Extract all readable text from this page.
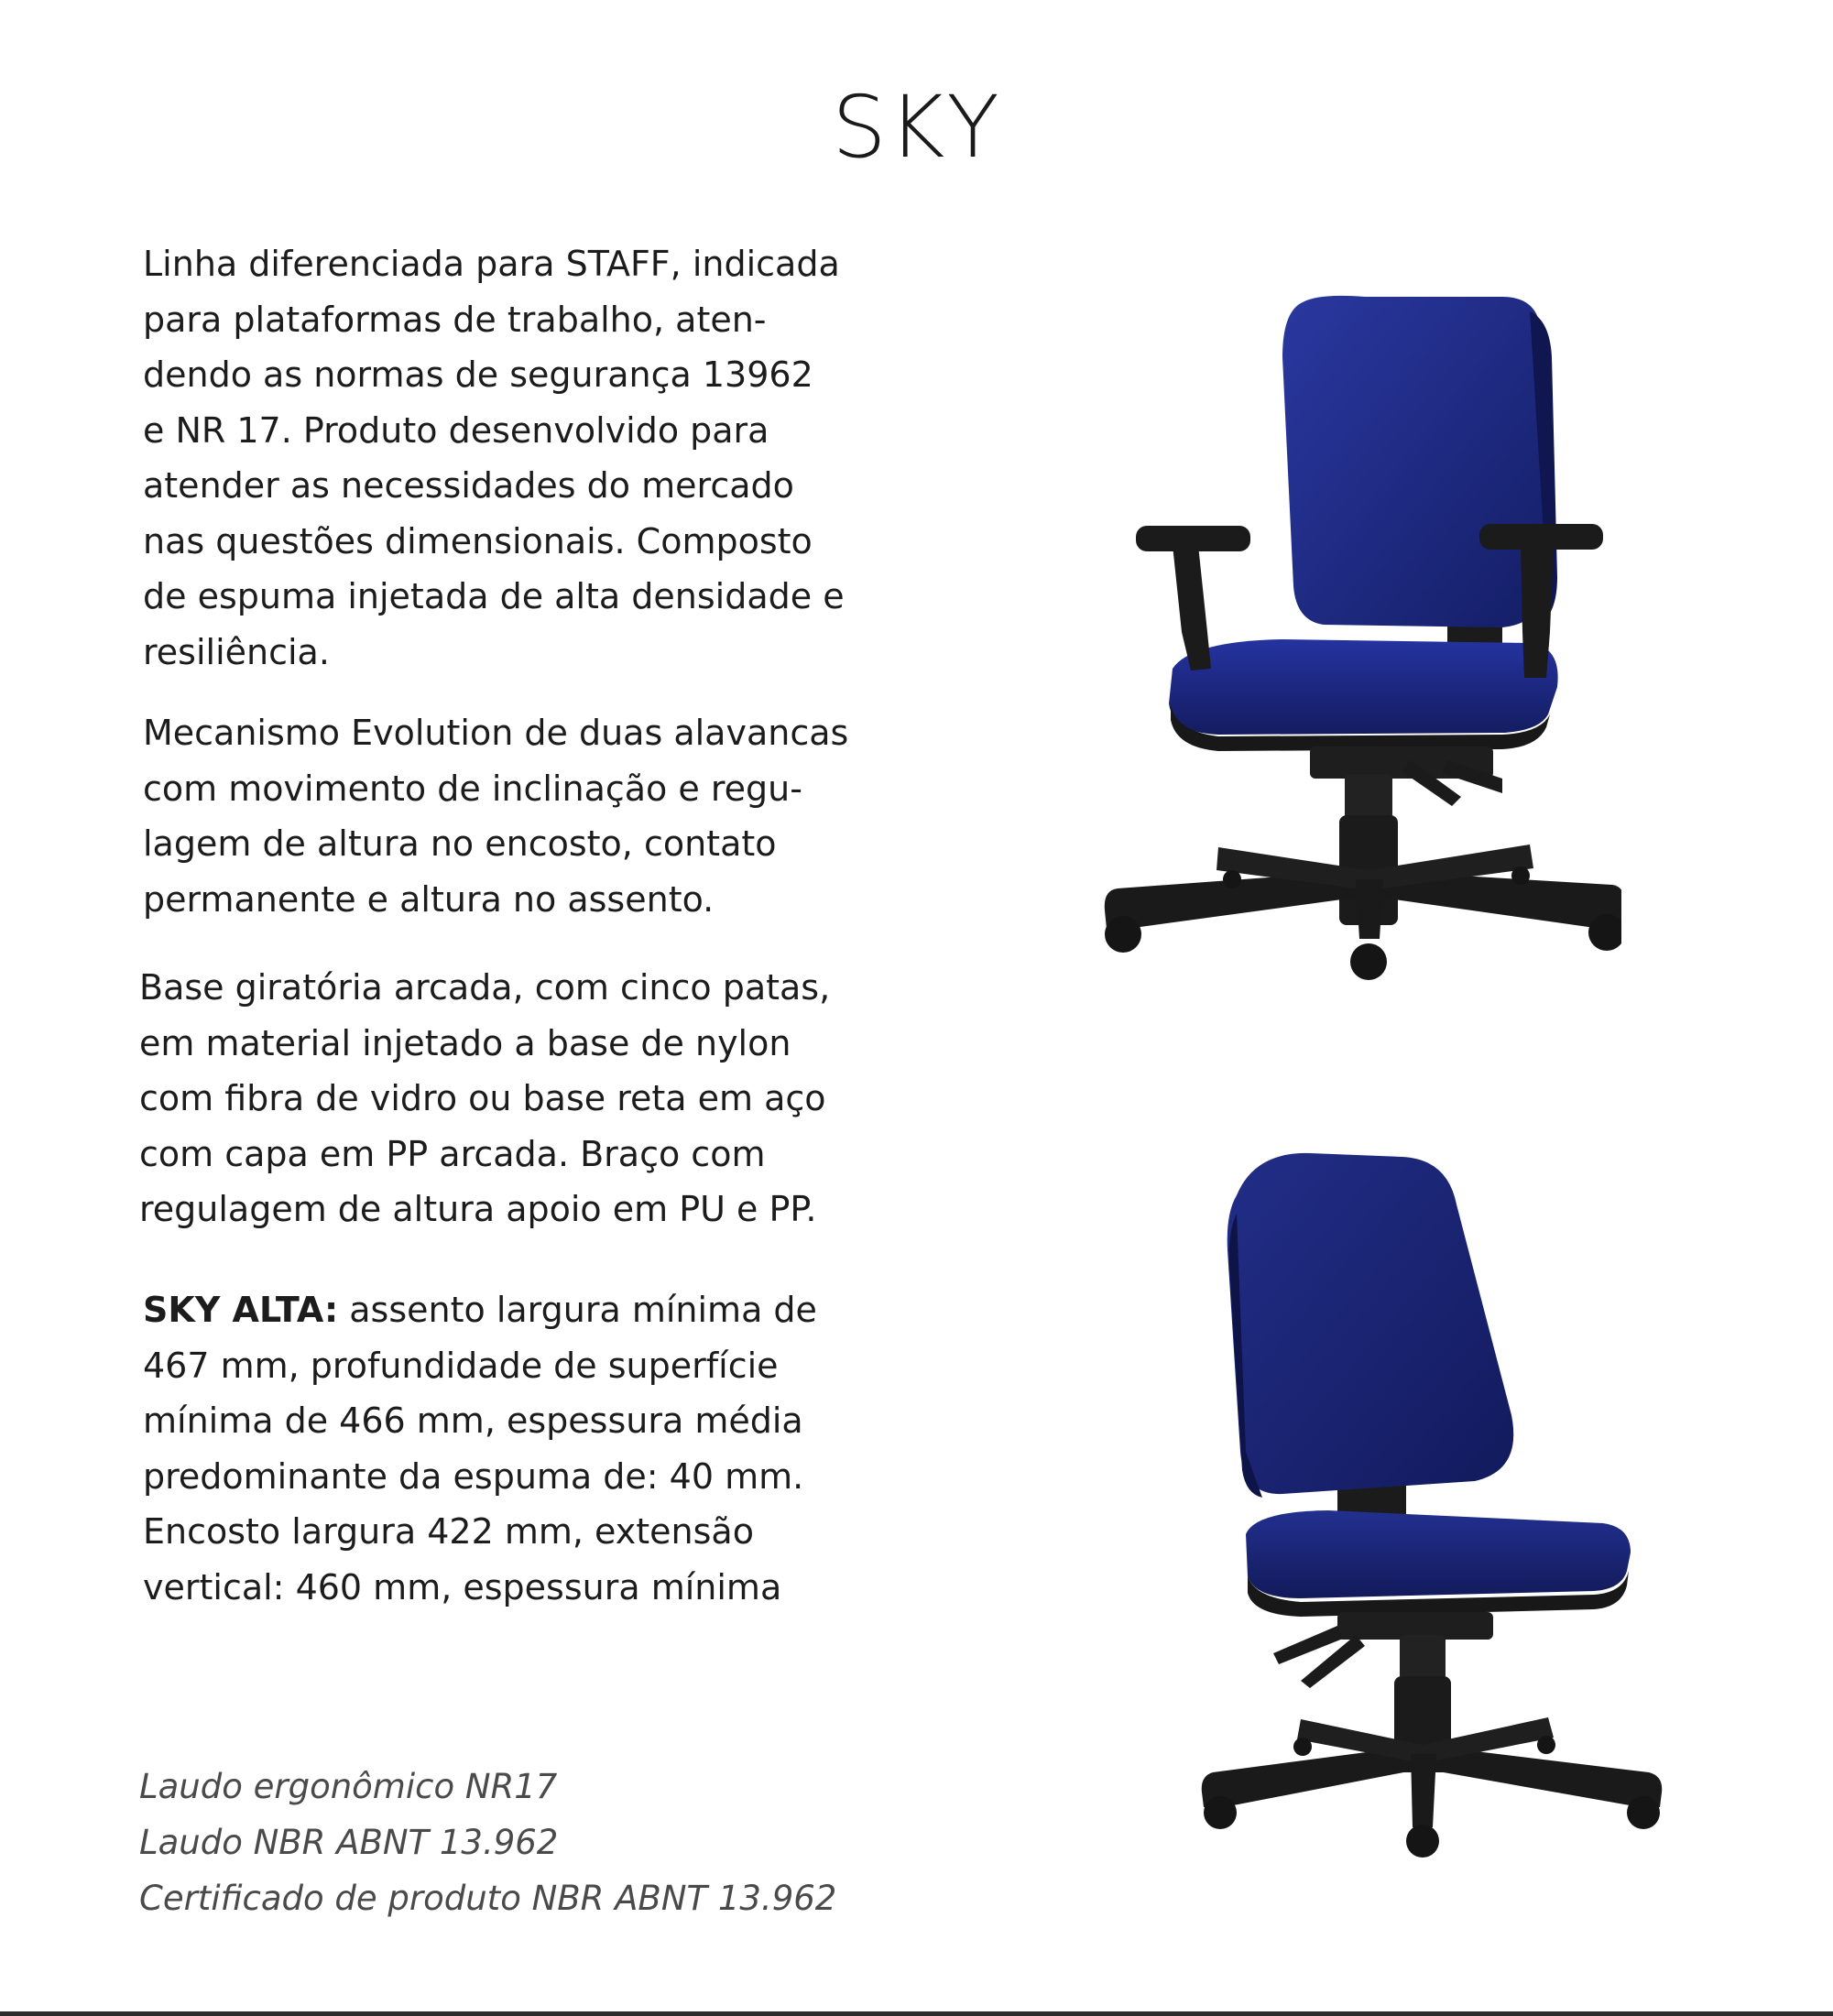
SKY

Linha diferenciada para STAFF, indicada
para plataformas de trabalho, aten-
dendo as normas de segurança 13962
e NR 17. Produto desenvolvido para
atender as necessidades do mercado
nas questões dimensionais. Composto
de espuma injetada de alta densidade e
resiliência.

Mecanismo Evolution de duas alavancas
com movimento de inclinação e regu-
lagem de altura no encosto, contato
permanente e altura no assento.

Base giratória arcada, com cinco patas,
em material injetado a base de nylon
com fibra de vidro ou base reta em aço
com capa em PP arcada. Braço com
regulagem de altura apoio em PU e PP.

SKY ALTA: assento largura mínima de
467 mm, profundidade de superfície
mínima de 466 mm, espessura média
predominante da espuma de: 40 mm.
Encosto largura 422 mm, extensão
vertical: 460 mm, espessura mínima

Laudo ergonômico NR17
Laudo NBR ABNT 13.962
Certificado de produto NBR ABNT 13.962
